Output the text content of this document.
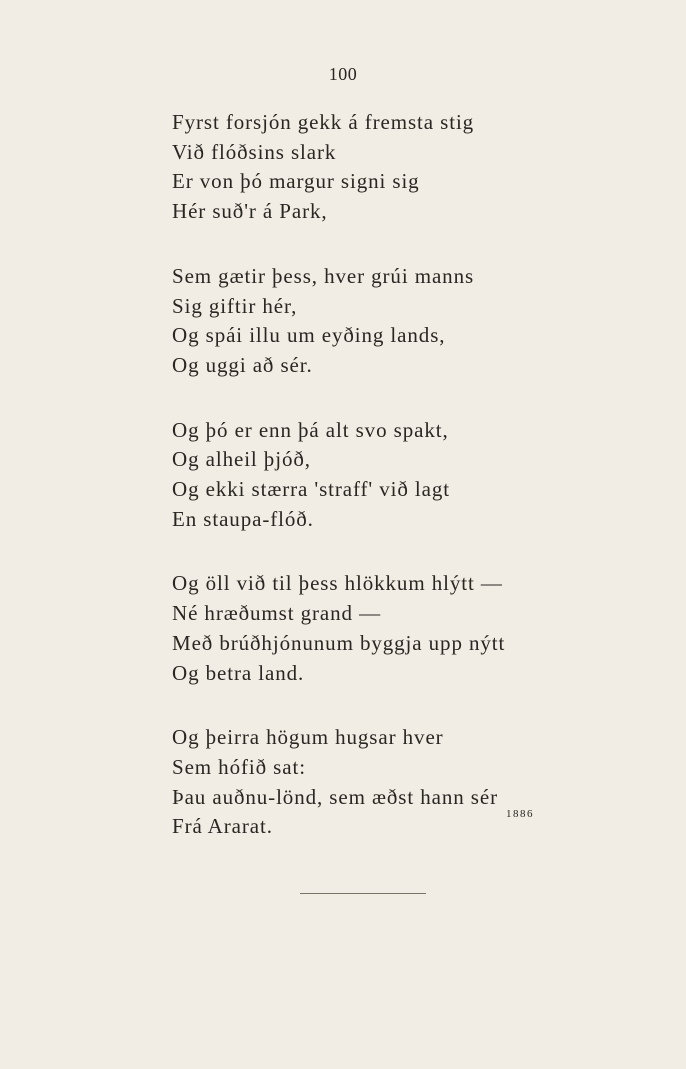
100
Fyrst forsjón gekk á fremsta stig
Við flóðsins slark
Er von þó margur signi sig
Hér suð'r á Park,
Sem gætir þess, hver grúi manns
Sig giftir hér,
Og spái illu um eyðing lands,
Og uggi að sér.
Og þó er enn þá alt svo spakt,
Og alheil þjóð,
Og ekki stærra 'straff' við lagt
En staupa-flóð.
Og öll við til þess hlökkum hlýtt —
Né hræðumst grand —
Með brúðhjónunum byggja upp nýtt
Og betra land.
Og þeirra högum hugsar hver
Sem hófið sat:
Þau auðnu-lönd, sem æðst hann sér
Frá Ararat.
1886
